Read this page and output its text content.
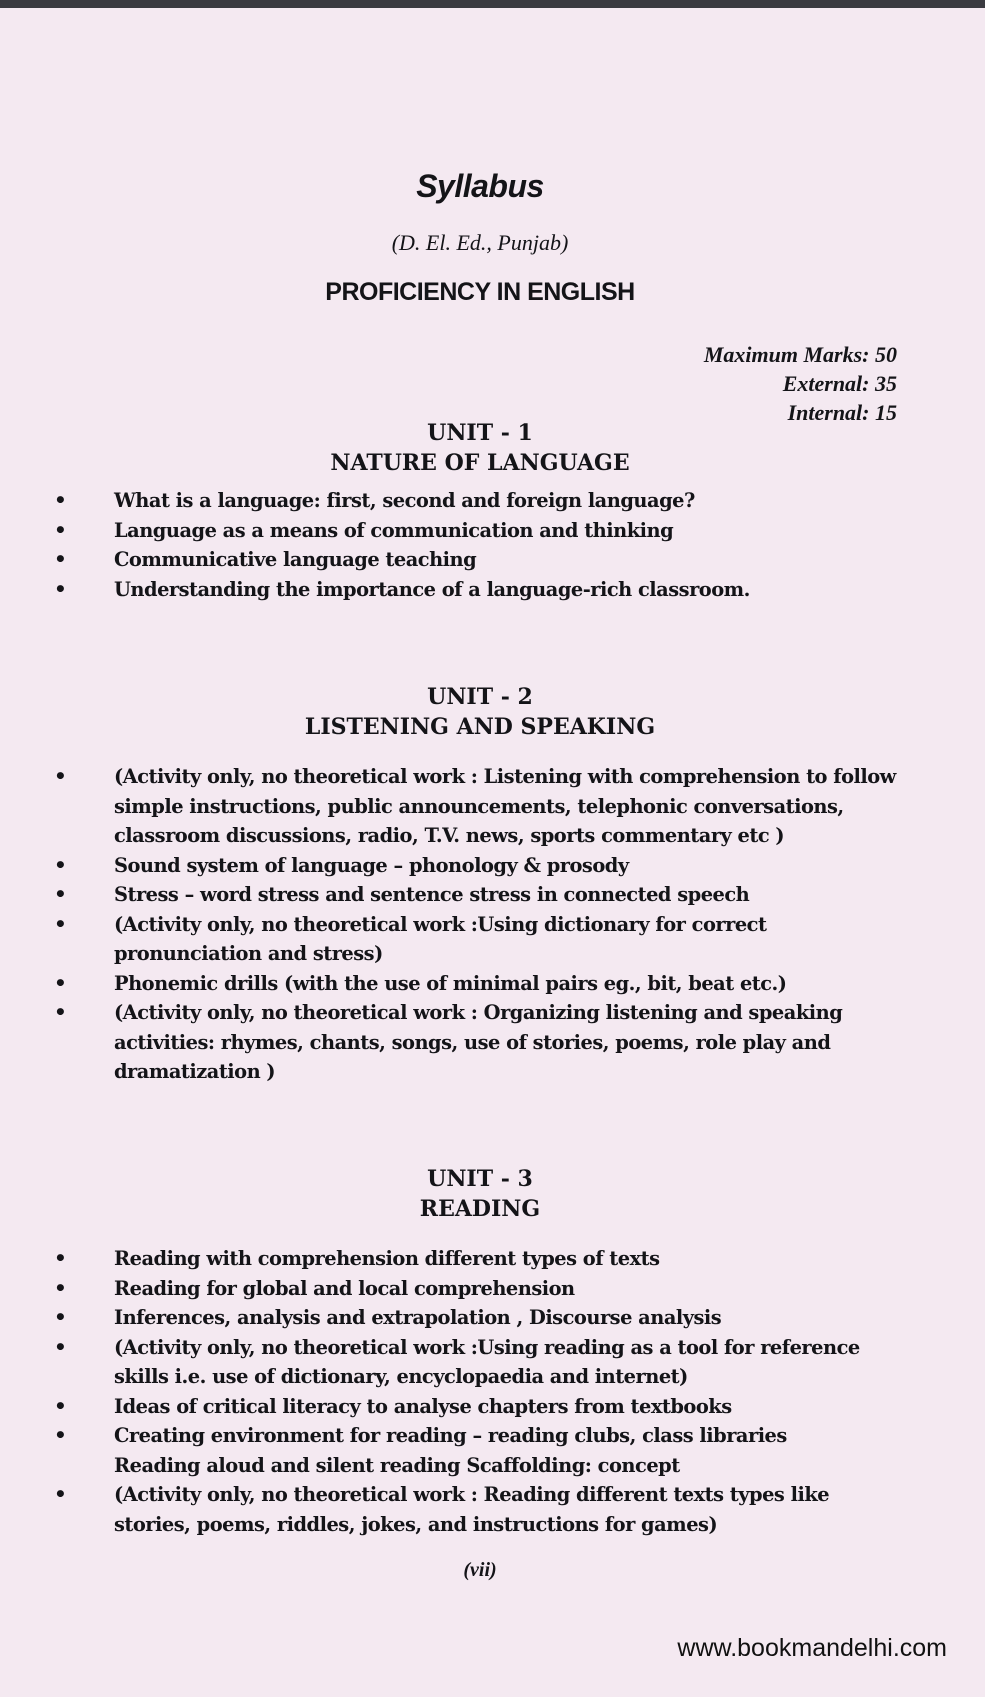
Syllabus
(D. El. Ed., Punjab)
PROFICIENCY IN ENGLISH
Maximum Marks: 50
External: 35
Internal: 15
UNIT - 1
NATURE OF LANGUAGE
• What is a language: first, second and foreign language?
• Language as a means of communication and thinking
• Communicative language teaching
• Understanding the importance of a language-rich classroom.
UNIT - 2
LISTENING AND SPEAKING
• (Activity only, no theoretical work : Listening with comprehension to follow simple instructions, public announcements, telephonic conversations, classroom discussions, radio, T.V. news, sports commentary etc )
• Sound system of language – phonology & prosody
• Stress – word stress and sentence stress in connected speech
• (Activity only, no theoretical work :Using dictionary for correct pronunciation and stress)
• Phonemic drills (with the use of minimal pairs eg., bit, beat etc.)
• (Activity only, no theoretical work : Organizing listening and speaking activities: rhymes, chants, songs, use of stories, poems, role play and dramatization )
UNIT - 3
READING
• Reading with comprehension different types of texts
• Reading for global and local comprehension
• Inferences, analysis and extrapolation , Discourse analysis
• (Activity only, no theoretical work :Using reading as a tool for reference skills i.e. use of dictionary, encyclopaedia and internet)
• Ideas of critical literacy to analyse chapters from textbooks
• Creating environment for reading – reading clubs, class libraries
Reading aloud and silent reading Scaffolding: concept
• (Activity only, no theoretical work : Reading different texts types like stories, poems, riddles, jokes, and instructions for games)
(vii)
www.bookmandelhi.com
